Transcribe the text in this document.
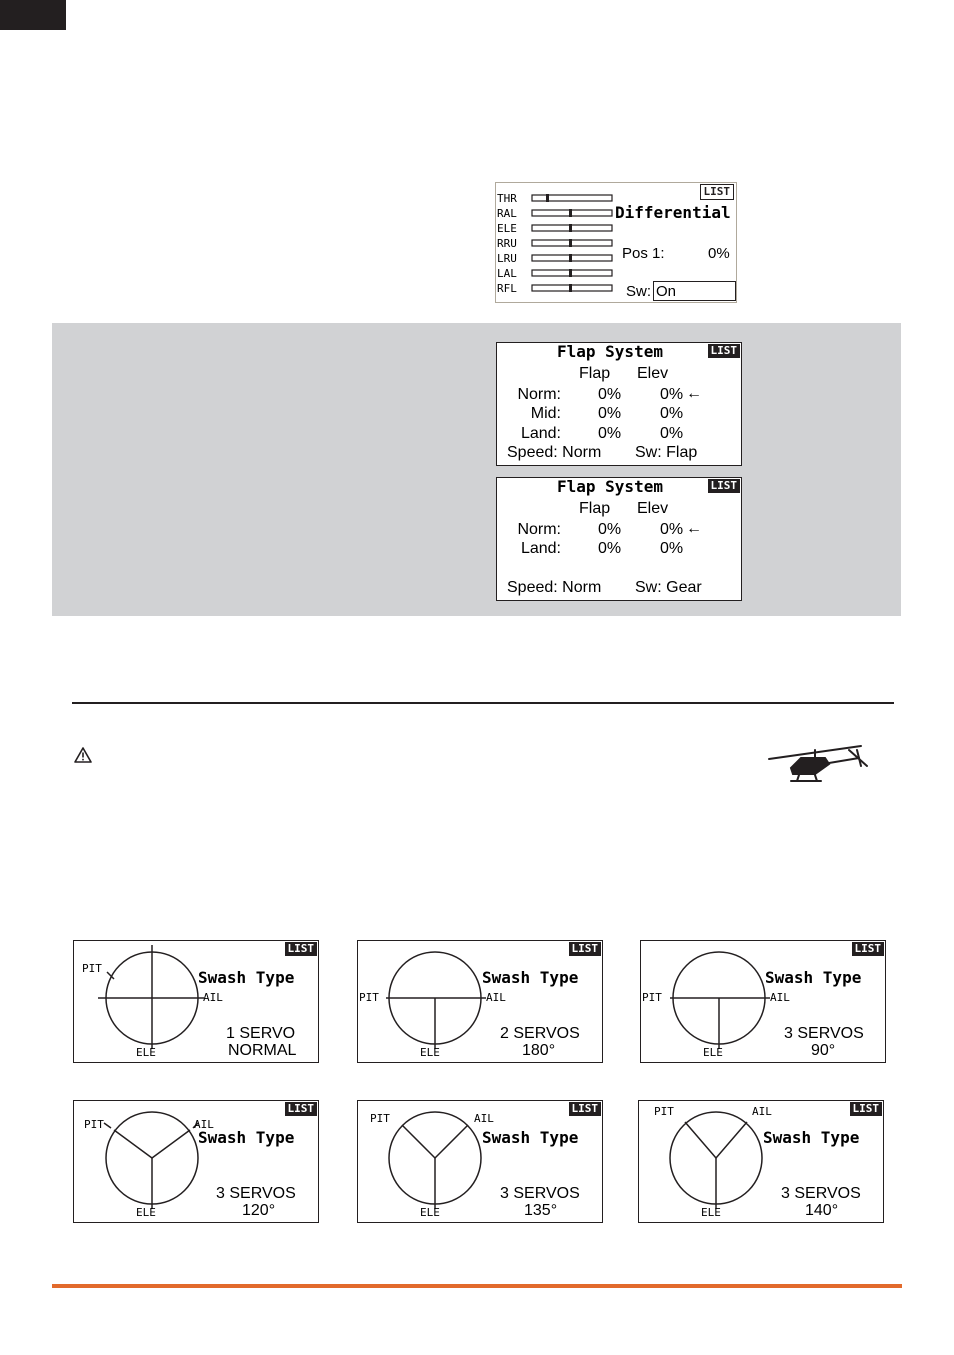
LIST
THR
RAL
ELE
RRU
LRU
LAL
RFL
Differential
Pos 1:	0%
Sw: On
LIST
Flap System
Flap Elev
Norm: 0% 0% ←
Mid: 0% 0%
Land: 0% 0%
Speed: Norm Sw: Flap
LIST
Flap System
Flap Elev
Norm: 0% 0% ←
Land: 0% 0%
Speed: Norm Sw: Gear
LIST
PIT
AIL
ELE
Swash Type
1 SERVO
NORMAL
LIST
PIT	AIL
ELE
Swash Type
2 SERVOS
180°
LIST
PIT	AIL
ELE
Swash Type
3 SERVOS
90°
LIST
PIT	AIL
ELE
Swash Type
3 SERVOS
120°
LIST
PIT	AIL
ELE
Swash Type
3 SERVOS
135°
LIST
PIT	AIL
ELE
Swash Type
3 SERVOS
140°
